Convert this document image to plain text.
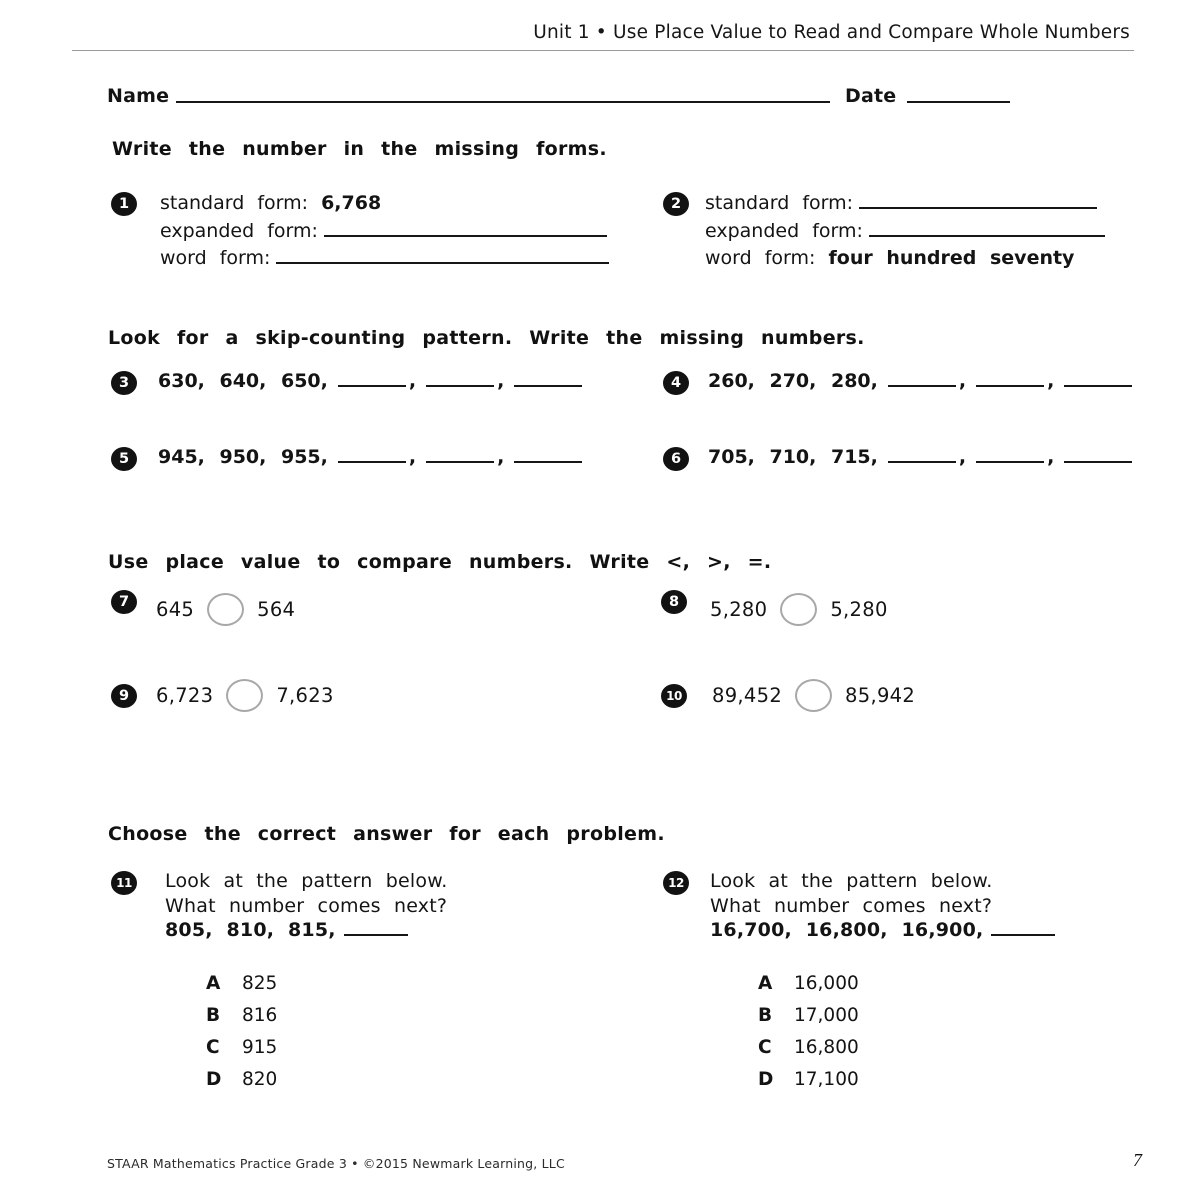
Unit 1 • Use Place Value to Read and Compare Whole Numbers
Name	Date
Write the number in the missing forms.
1	standard form: 6,768
expanded form:
word form:
2	standard form:
expanded form:
word form: four hundred seventy
Look for a skip-counting pattern. Write the missing numbers.
3	630, 640, 650,	,	,	4	260, 270, 280,	,	,
5	945, 950, 955,	,	,	6	705, 710, 715,	,	,
Use place value to compare numbers. Write <, >, =.
7	645	564	8	5,280	5,280
9	6,723	7,623	10 89,452	85,942
Choose the correct answer for each problem.
11 Look at the pattern below.
What number comes next?
805, 810, 815,
12 Look at the pattern below.
What number comes next?
16,700, 16,800, 16,900,
A 825
B 816
C 915
D 820
A 16,000
B 17,000
C 16,800
D 17,100
STAAR Mathematics Practice Grade 3 • ©2015 Newmark Learning, LLC	7
